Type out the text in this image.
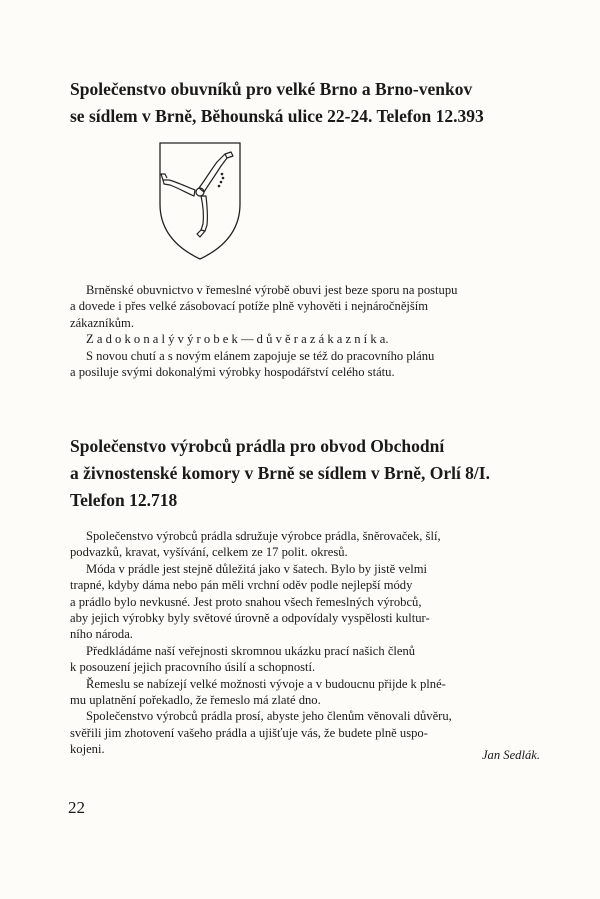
Společenstvo obuvníků pro velké Brno a Brno-venkov
se sídlem v Brně, Běhounská ulice 22-24. Telefon 12.393

Brněnské obuvnictvo v řemeslné výrobě obuvi jest beze sporu na postupu
a dovede i přes velké zásobovací potíže plně vyhověti i nejnáročnějším
zákazníkům.
Z a d o k o n a l ý v ý r o b e k — d ů v ě r a z á k a z n í k a.
S novou chutí a s novým elánem zapojuje se též do pracovního plánu
a posiluje svými dokonalými výrobky hospodářství celého státu.

Společenstvo výrobců prádla pro obvod Obchodní
a živnostenské komory v Brně se sídlem v Brně, Orlí 8/I.
Telefon 12.718

Společenstvo výrobců prádla sdružuje výrobce prádla, šněrovaček, šlí,
podvazků, kravat, vyšívání, celkem ze 17 polit. okresů.
Móda v prádle jest stejně důležitá jako v šatech. Bylo by jistě velmi
trapné, kdyby dáma nebo pán měli vrchní oděv podle nejlepší módy
a prádlo bylo nevkusné. Jest proto snahou všech řemeslných výrobců,
aby jejich výrobky byly světové úrovně a odpovídaly vyspělosti kultur-
ního národa.
Předkládáme naší veřejnosti skromnou ukázku prací našich členů
k posouzení jejich pracovního úsilí a schopností.
Řemeslu se nabízejí velké možnosti vývoje a v budoucnu přijde k plné-
mu uplatnění pořekadlo, že řemeslo má zlaté dno.
Společenstvo výrobců prádla prosí, abyste jeho členům věnovali důvěru,
svěřili jim zhotovení vašeho prádla a ujišťuje vás, že budete plně uspo-
kojeni.	Jan Sedlák.
22
